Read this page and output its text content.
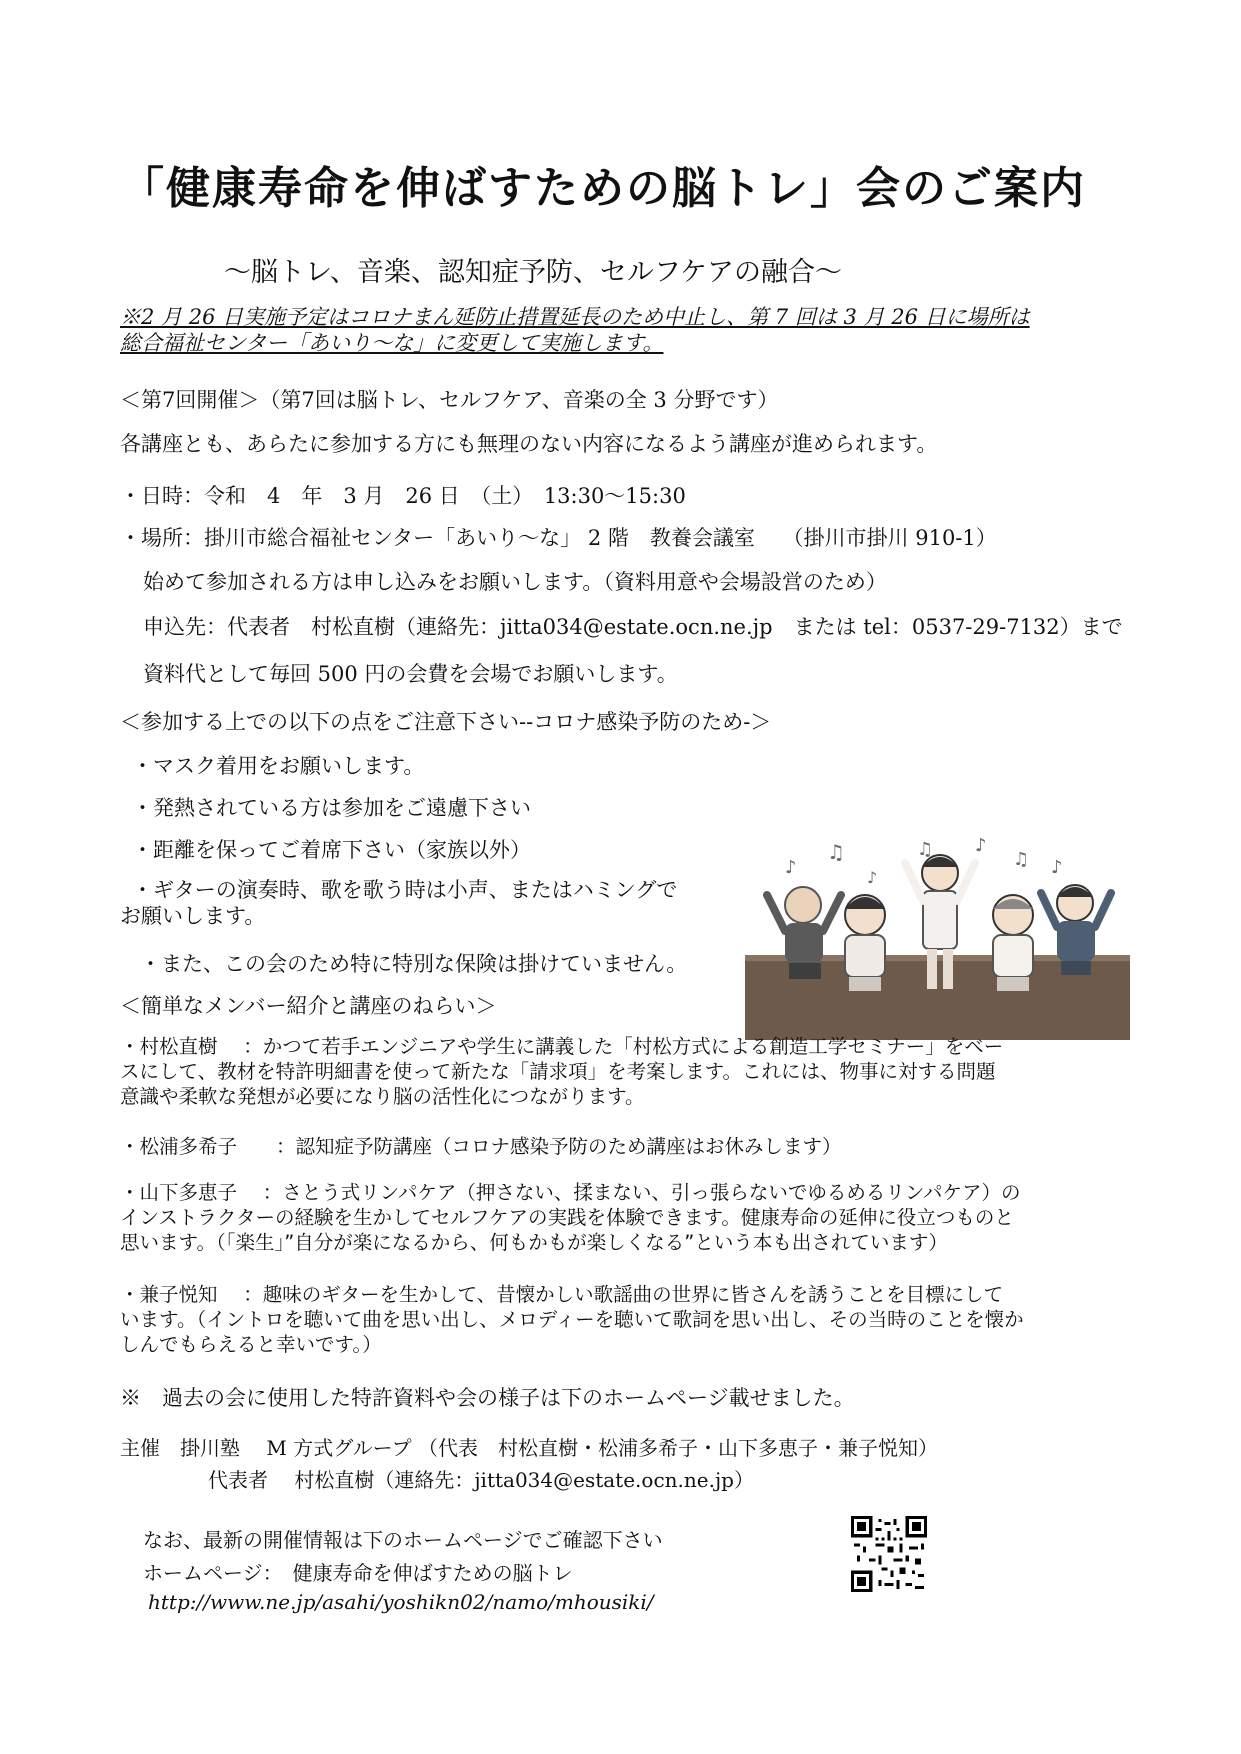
「健康寿命を伸ばすための脳トレ」会のご案内
～脳トレ、音楽、認知症予防、セルフケアの融合～
※2 月 26 日実施予定はコロナまん延防止措置延長のため中止し、第 7 回は 3 月 26 日に場所は
総合福祉センター「あいり～な」に変更して実施します。
＜第7回開催＞（第7回は脳トレ、セルフケア、音楽の全 3 分野です）
各講座とも、あらたに参加する方にも無理のない内容になるよう講座が進められます。
・日時：令和　4　年　3 月　26 日　（土）　13:30～15:30
・場所：掛川市総合福祉センター「あいり～な」 2 階　教養会議室　 （掛川市掛川 910-1）
始めて参加される方は申し込みをお願いします。（資料用意や会場設営のため）
申込先：代表者　村松直樹（連絡先：jitta034@estate.ocn.ne.jp　または tel：0537-29-7132）まで
資料代として毎回 500 円の会費を会場でお願いします。
＜参加する上での以下の点をご注意下さい--コロナ感染予防のため-＞
・マスク着用をお願いします。
・発熱されている方は参加をご遠慮下さい
・距離を保ってご着席下さい（家族以外）
・ギターの演奏時、歌を歌う時は小声、またはハミングで
お願いします。
・また、この会のため特に特別な保険は掛けていません。
＜簡単なメンバー紹介と講座のねらい＞
♪
♫
♪
♫ ♪
♫ ♪
・村松直樹　 ：かつて若手エンジニアや学生に講義した「村松方式による創造工学セミナー」をベー
スにして、教材を特許明細書を使って新たな「請求項」を考案します。これには、物事に対する問題
意識や柔軟な発想が必要になり脳の活性化につながります。
・松浦多希子　　：認知症予防講座（コロナ感染予防のため講座はお休みします）
・山下多恵子　 ：さとう式リンパケア（押さない、揉まない、引っ張らないでゆるめるリンパケア）の
インストラクターの経験を生かしてセルフケアの実践を体験できます。健康寿命の延伸に役立つものと
思います。（「楽生」”自分が楽になるから、何もかもが楽しくなる”という本も出されています）
・兼子悦知　 ：趣味のギターを生かして、昔懐かしい歌謡曲の世界に皆さんを誘うことを目標にして
います。（イントロを聴いて曲を思い出し、メロディーを聴いて歌詞を思い出し、その当時のことを懐か
しんでもらえると幸いです。）
※　過去の会に使用した特許資料や会の様子は下のホームページ載せました。
主催　掛川塾　 M 方式グループ （代表　村松直樹・松浦多希子・山下多恵子・兼子悦知）
代表者　 村松直樹（連絡先：jitta034@estate.ocn.ne.jp）
なお、最新の開催情報は下のホームページでご確認下さい
ホームページ：　健康寿命を伸ばすための脳トレ
http://www.ne.jp/asahi/yoshikn02/namo/mhousiki/
